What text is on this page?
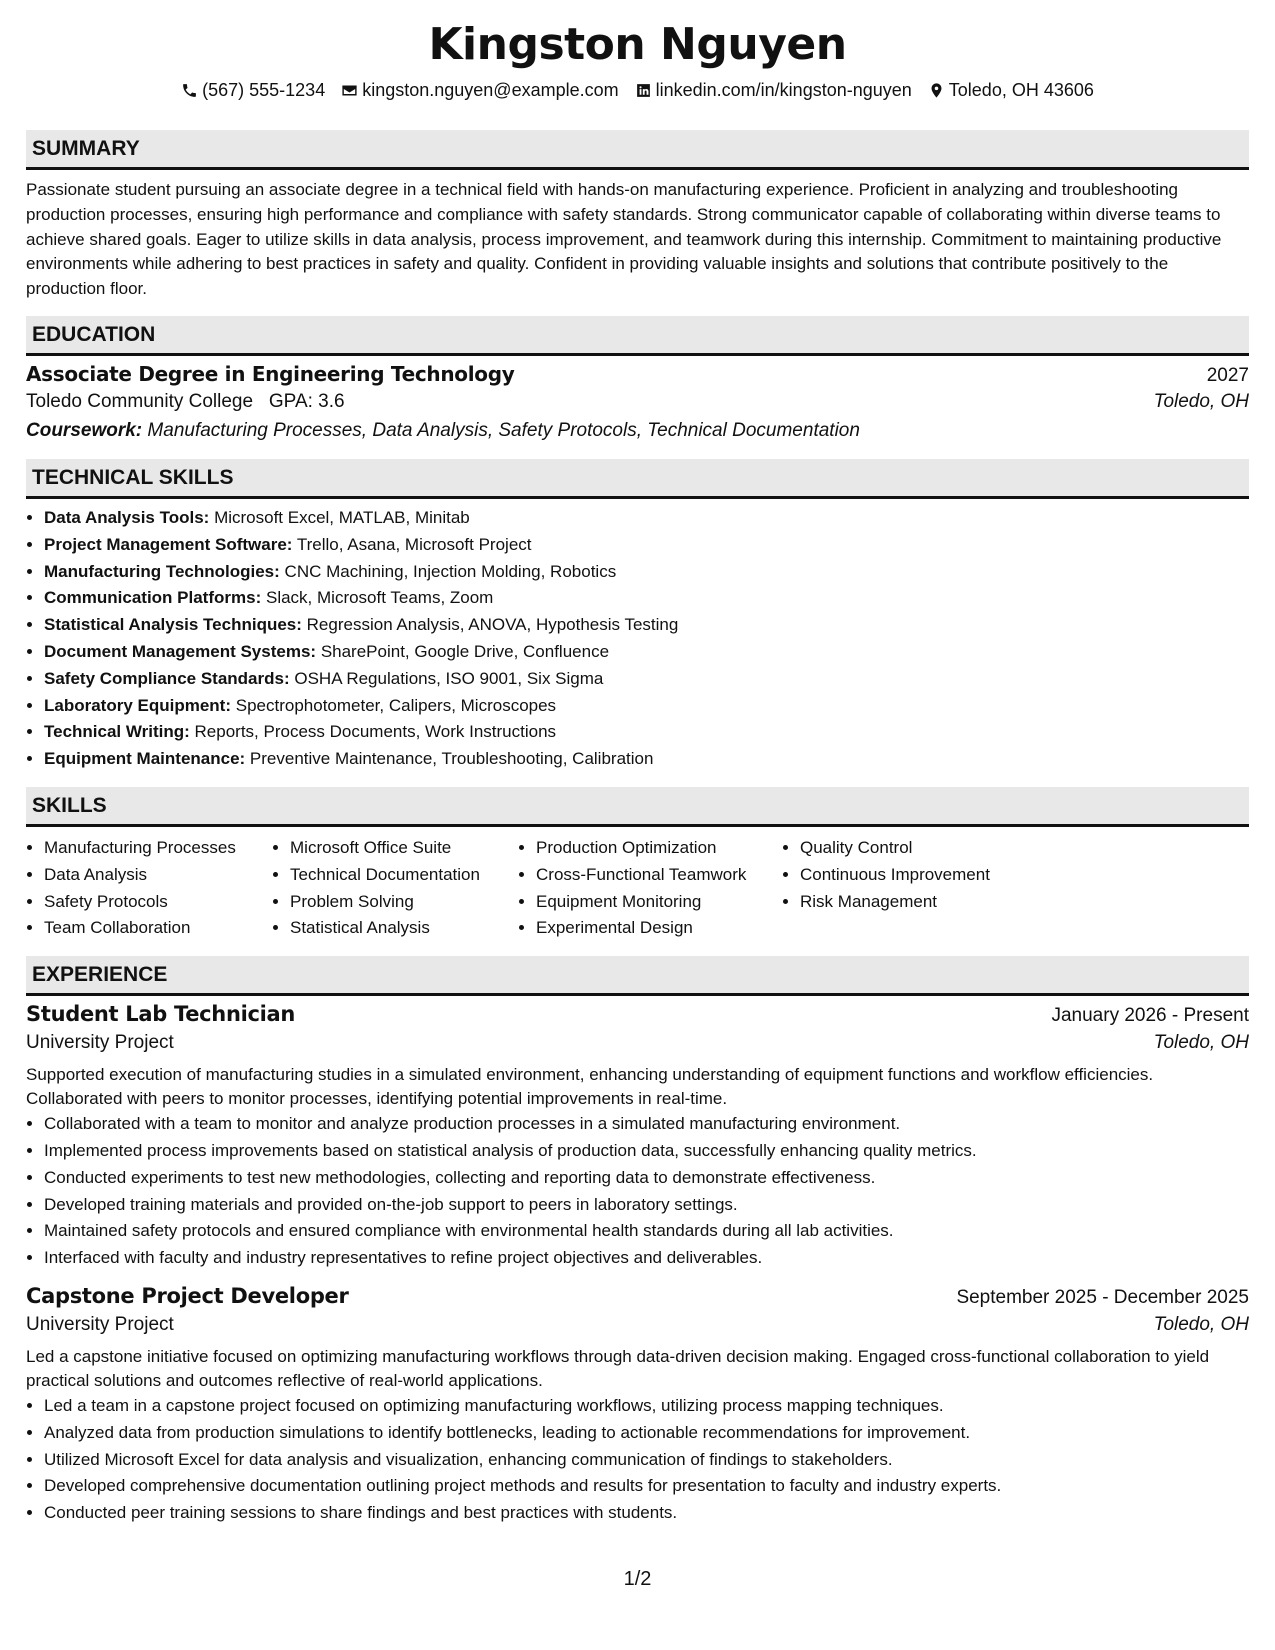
Kingston Nguyen
(567) 555-1234 kingston.nguyen@example.com linkedin.com/in/kingston-nguyen Toledo, OH 43606
SUMMARY
Passionate student pursuing an associate degree in a technical field with hands-on manufacturing experience. Proficient in analyzing and troubleshooting production processes, ensuring high performance and compliance with safety standards. Strong communicator capable of collaborating within diverse teams to achieve shared goals. Eager to utilize skills in data analysis, process improvement, and teamwork during this internship. Commitment to maintaining productive environments while adhering to best practices in safety and quality. Confident in providing valuable insights and solutions that contribute positively to the production floor.
EDUCATION
Associate Degree in Engineering Technology	2027
Toledo Community College GPA: 3.6	Toledo, OH
Coursework: Manufacturing Processes, Data Analysis, Safety Protocols, Technical Documentation
TECHNICAL SKILLS
• Data Analysis Tools: Microsoft Excel, MATLAB, Minitab
• Project Management Software: Trello, Asana, Microsoft Project
• Manufacturing Technologies: CNC Machining, Injection Molding, Robotics
• Communication Platforms: Slack, Microsoft Teams, Zoom
• Statistical Analysis Techniques: Regression Analysis, ANOVA, Hypothesis Testing
• Document Management Systems: SharePoint, Google Drive, Confluence
• Safety Compliance Standards: OSHA Regulations, ISO 9001, Six Sigma
• Laboratory Equipment: Spectrophotometer, Calipers, Microscopes
• Technical Writing: Reports, Process Documents, Work Instructions
• Equipment Maintenance: Preventive Maintenance, Troubleshooting, Calibration
SKILLS
• Manufacturing Processes
• Data Analysis
• Safety Protocols
• Team Collaboration
• Microsoft Office Suite
• Technical Documentation
• Problem Solving
• Statistical Analysis
• Production Optimization
• Cross-Functional Teamwork
• Equipment Monitoring
• Experimental Design
• Quality Control
• Continuous Improvement
• Risk Management
EXPERIENCE
Student Lab Technician	January 2026 - Present
University Project	Toledo, OH
Supported execution of manufacturing studies in a simulated environment, enhancing understanding of equipment functions and workflow efficiencies. Collaborated with peers to monitor processes, identifying potential improvements in real-time.
• Collaborated with a team to monitor and analyze production processes in a simulated manufacturing environment.
• Implemented process improvements based on statistical analysis of production data, successfully enhancing quality metrics.
• Conducted experiments to test new methodologies, collecting and reporting data to demonstrate effectiveness.
• Developed training materials and provided on-the-job support to peers in laboratory settings.
• Maintained safety protocols and ensured compliance with environmental health standards during all lab activities.
• Interfaced with faculty and industry representatives to refine project objectives and deliverables.
Capstone Project Developer	September 2025 - December 2025
University Project	Toledo, OH
Led a capstone initiative focused on optimizing manufacturing workflows through data-driven decision making. Engaged cross-functional collaboration to yield practical solutions and outcomes reflective of real-world applications.
• Led a team in a capstone project focused on optimizing manufacturing workflows, utilizing process mapping techniques.
• Analyzed data from production simulations to identify bottlenecks, leading to actionable recommendations for improvement.
• Utilized Microsoft Excel for data analysis and visualization, enhancing communication of findings to stakeholders.
• Developed comprehensive documentation outlining project methods and results for presentation to faculty and industry experts.
• Conducted peer training sessions to share findings and best practices with students.
1/2
